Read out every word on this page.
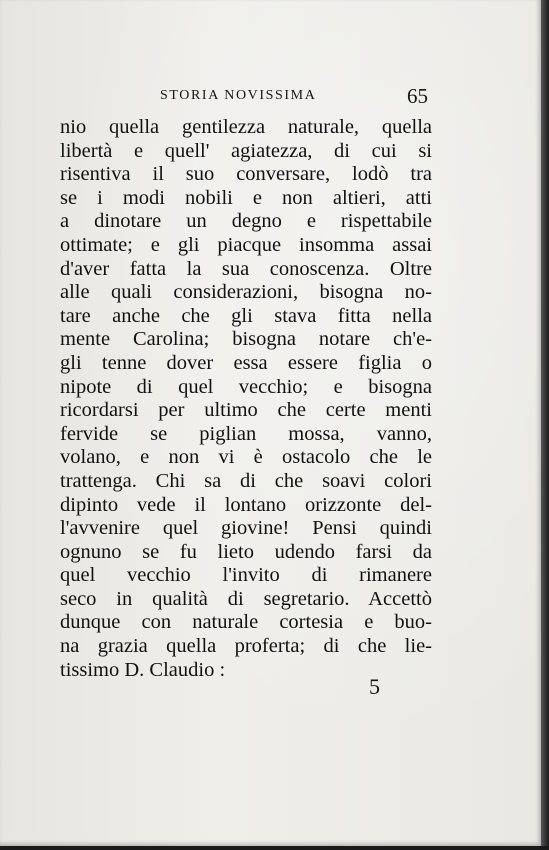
STORIA NOVISSIMA	65
nio quella gentilezza naturale, quella
libertà e quell' agiatezza, di cui si
risentiva il suo conversare, lodò tra
se i modi nobili e non altieri, atti
a dinotare un degno e rispettabile
ottimate; e gli piacque insomma assai
d'aver fatta la sua conoscenza. Oltre
alle quali considerazioni, bisogna no-
tare anche che gli stava fitta nella
mente Carolina; bisogna notare ch'e-
gli tenne dover essa essere figlia o
nipote di quel vecchio; e bisogna
ricordarsi per ultimo che certe menti
fervide se piglian mossa, vanno,
volano, e non vi è ostacolo che le
trattenga. Chi sa di che soavi colori
dipinto vede il lontano orizzonte del-
l'avvenire quel giovine! Pensi quindi
ognuno se fu lieto udendo farsi da
quel vecchio l'invito di rimanere
seco in qualità di segretario. Accettò
dunque con naturale cortesia e buo-
na grazia quella proferta; di che lie-
tissimo D. Claudio :
5
